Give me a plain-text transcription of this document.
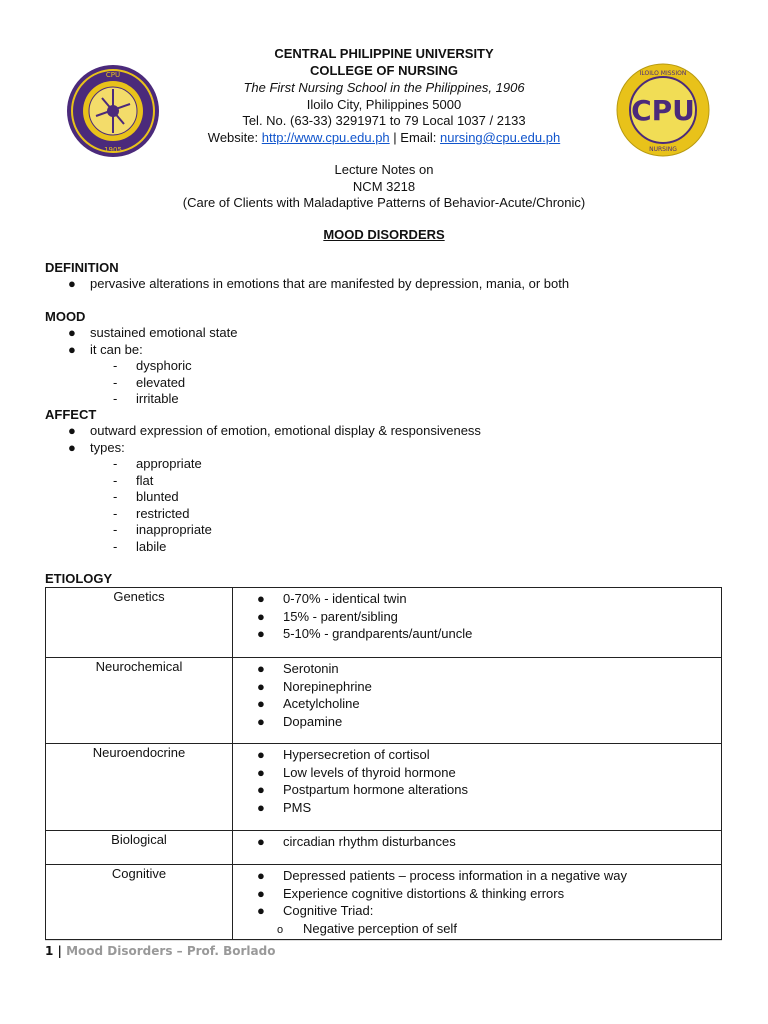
CPU
1905
CPU
ILOILO MISSION
NURSING
CENTRAL PHILIPPINE UNIVERSITY
COLLEGE OF NURSING
The First Nursing School in the Philippines, 1906
Iloilo City, Philippines 5000
Tel. No. (63-33) 3291971 to 79 Local 1037 / 2133
Website: http://www.cpu.edu.ph | Email: nursing@cpu.edu.ph
Lecture Notes on
NCM 3218
(Care of Clients with Maladaptive Patterns of Behavior-Acute/Chronic)
MOOD DISORDERS
DEFINITION
● pervasive alterations in emotions that are manifested by depression, mania, or both
MOOD
● sustained emotional state
● it can be:
- dysphoric
- elevated
- irritable
AFFECT
● outward expression of emotion, emotional display & responsiveness
● types:
- appropriate
- flat
- blunted
- restricted
- inappropriate
- labile
ETIOLOGY
Genetics	● 0-70% - identical twin
● 15% - parent/sibling
● 5-10% - grandparents/aunt/uncle

Neurochemical	● Serotonin
● Norepinephrine
● Acetylcholine
● Dopamine

Neuroendocrine	● Hypersecretion of cortisol
● Low levels of thyroid hormone
● Postpartum hormone alterations
● PMS

Biological	● circadian rhythm disturbances

Cognitive	● Depressed patients – process information in a negative way
● Experience cognitive distortions & thinking errors
● Cognitive Triad:
o Negative perception of self
1 | Mood Disorders – Prof. Borlado
